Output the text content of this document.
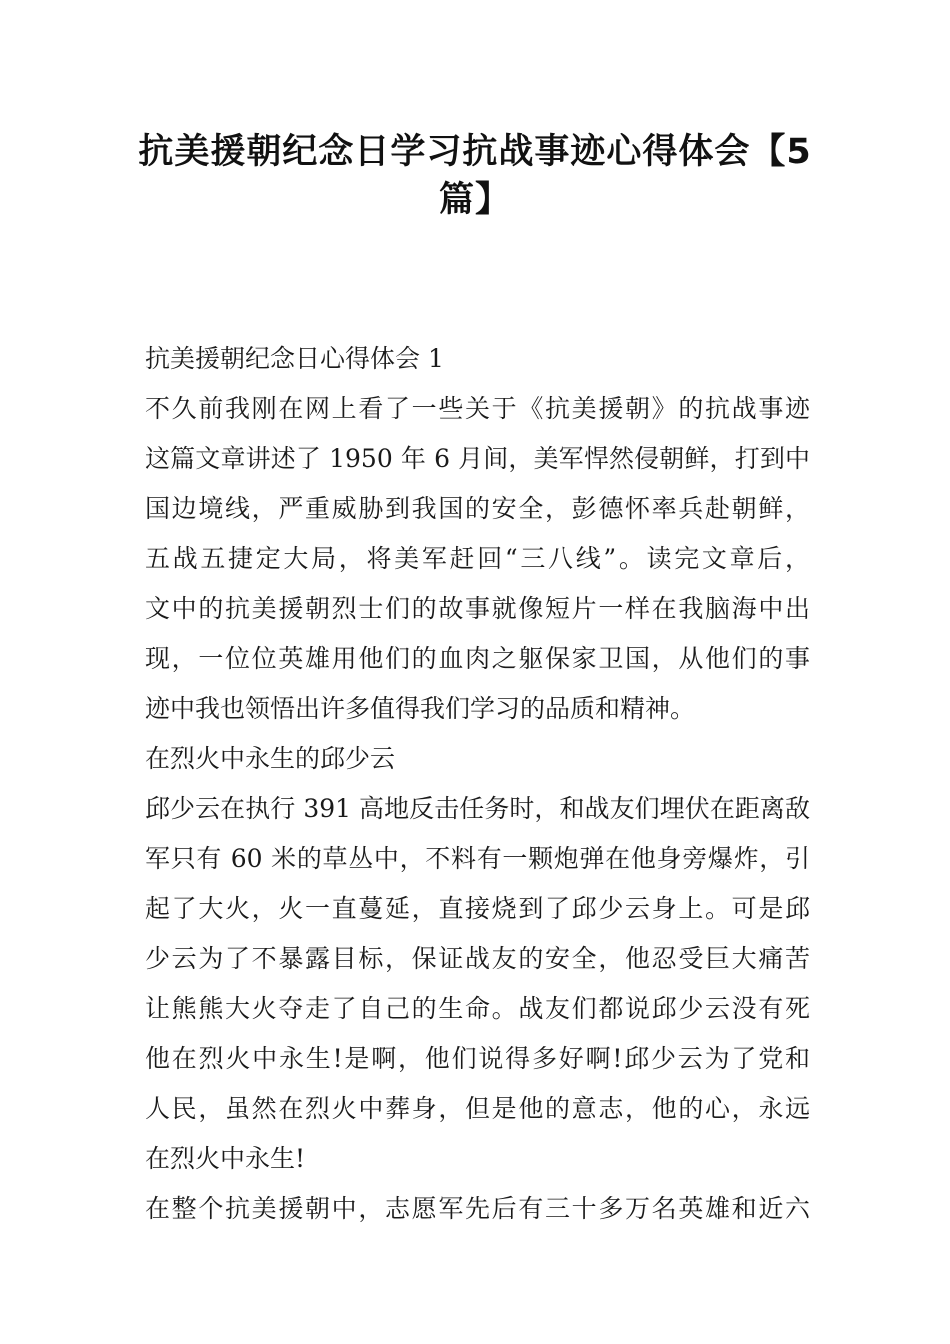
抗美援朝纪念日学习抗战事迹心得体会【5
篇】
抗美援朝纪念日心得体会 1
不久前我刚在网上看了一些关于《抗美援朝》的抗战事迹
这篇文章讲述了 1950 年 6 月间，美军悍然侵朝鲜，打到中
国边境线，严重威胁到我国的安全，彭德怀率兵赴朝鲜，
五战五捷定大局，将美军赶回“三八线”。读完文章后，
文中的抗美援朝烈士们的故事就像短片一样在我脑海中出
现，一位位英雄用他们的血肉之躯保家卫国，从他们的事
迹中我也领悟出许多值得我们学习的品质和精神。
在烈火中永生的邱少云
邱少云在执行 391 高地反击任务时，和战友们埋伏在距离敌
军只有 60 米的草丛中，不料有一颗炮弹在他身旁爆炸，引
起了大火，火一直蔓延，直接烧到了邱少云身上。可是邱
少云为了不暴露目标，保证战友的安全，他忍受巨大痛苦
让熊熊大火夺走了自己的生命。战友们都说邱少云没有死
他在烈火中永生!是啊，他们说得多好啊!邱少云为了党和
人民，虽然在烈火中葬身，但是他的意志，他的心，永远
在烈火中永生!
在整个抗美援朝中，志愿军先后有三十多万名英雄和近六
